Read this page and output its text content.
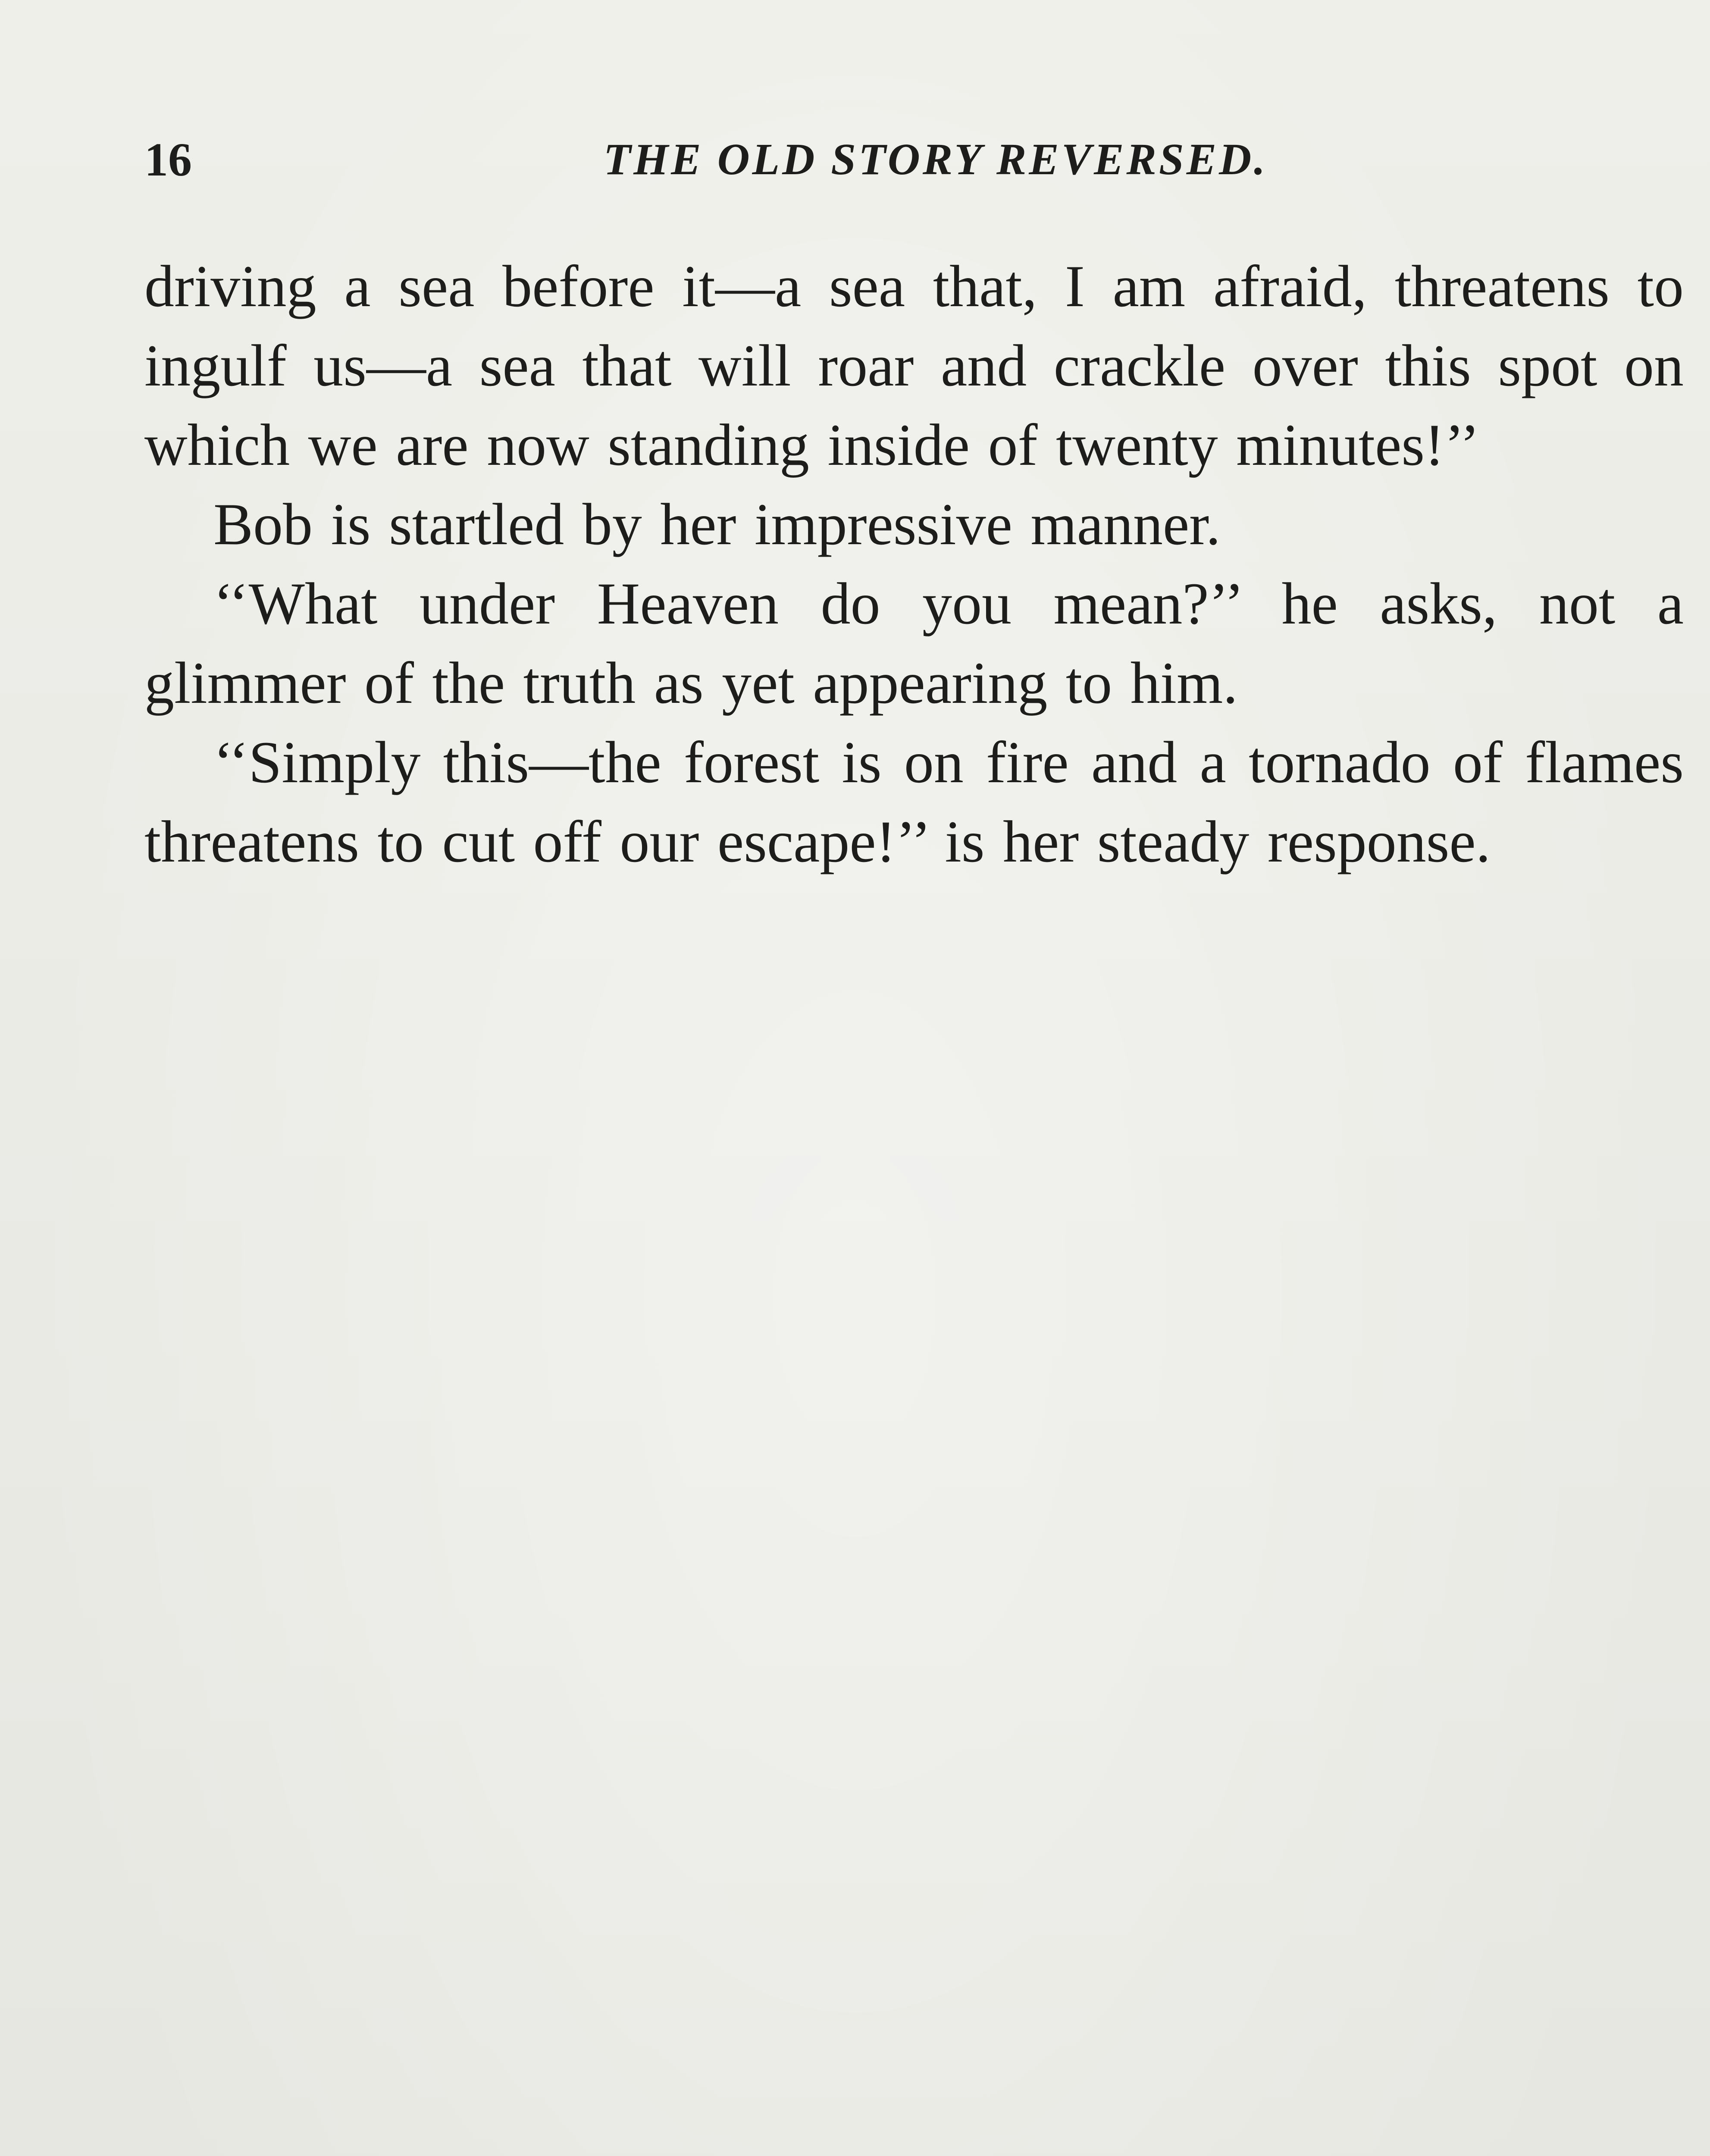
16	THE OLD STORY REVERSED.

driving a sea before it—a sea that, I am afraid, threatens to ingulf us—a sea that will roar and crackle over this spot on which we are now standing inside of twenty minutes!’’

Bob is startled by her impressive manner.

‘‘What under Heaven do you mean?’’ he asks, not a glimmer of the truth as yet appearing to him.

‘‘Simply this—the forest is on fire and a tornado of flames threatens to cut off our escape!’’ is her steady response.
